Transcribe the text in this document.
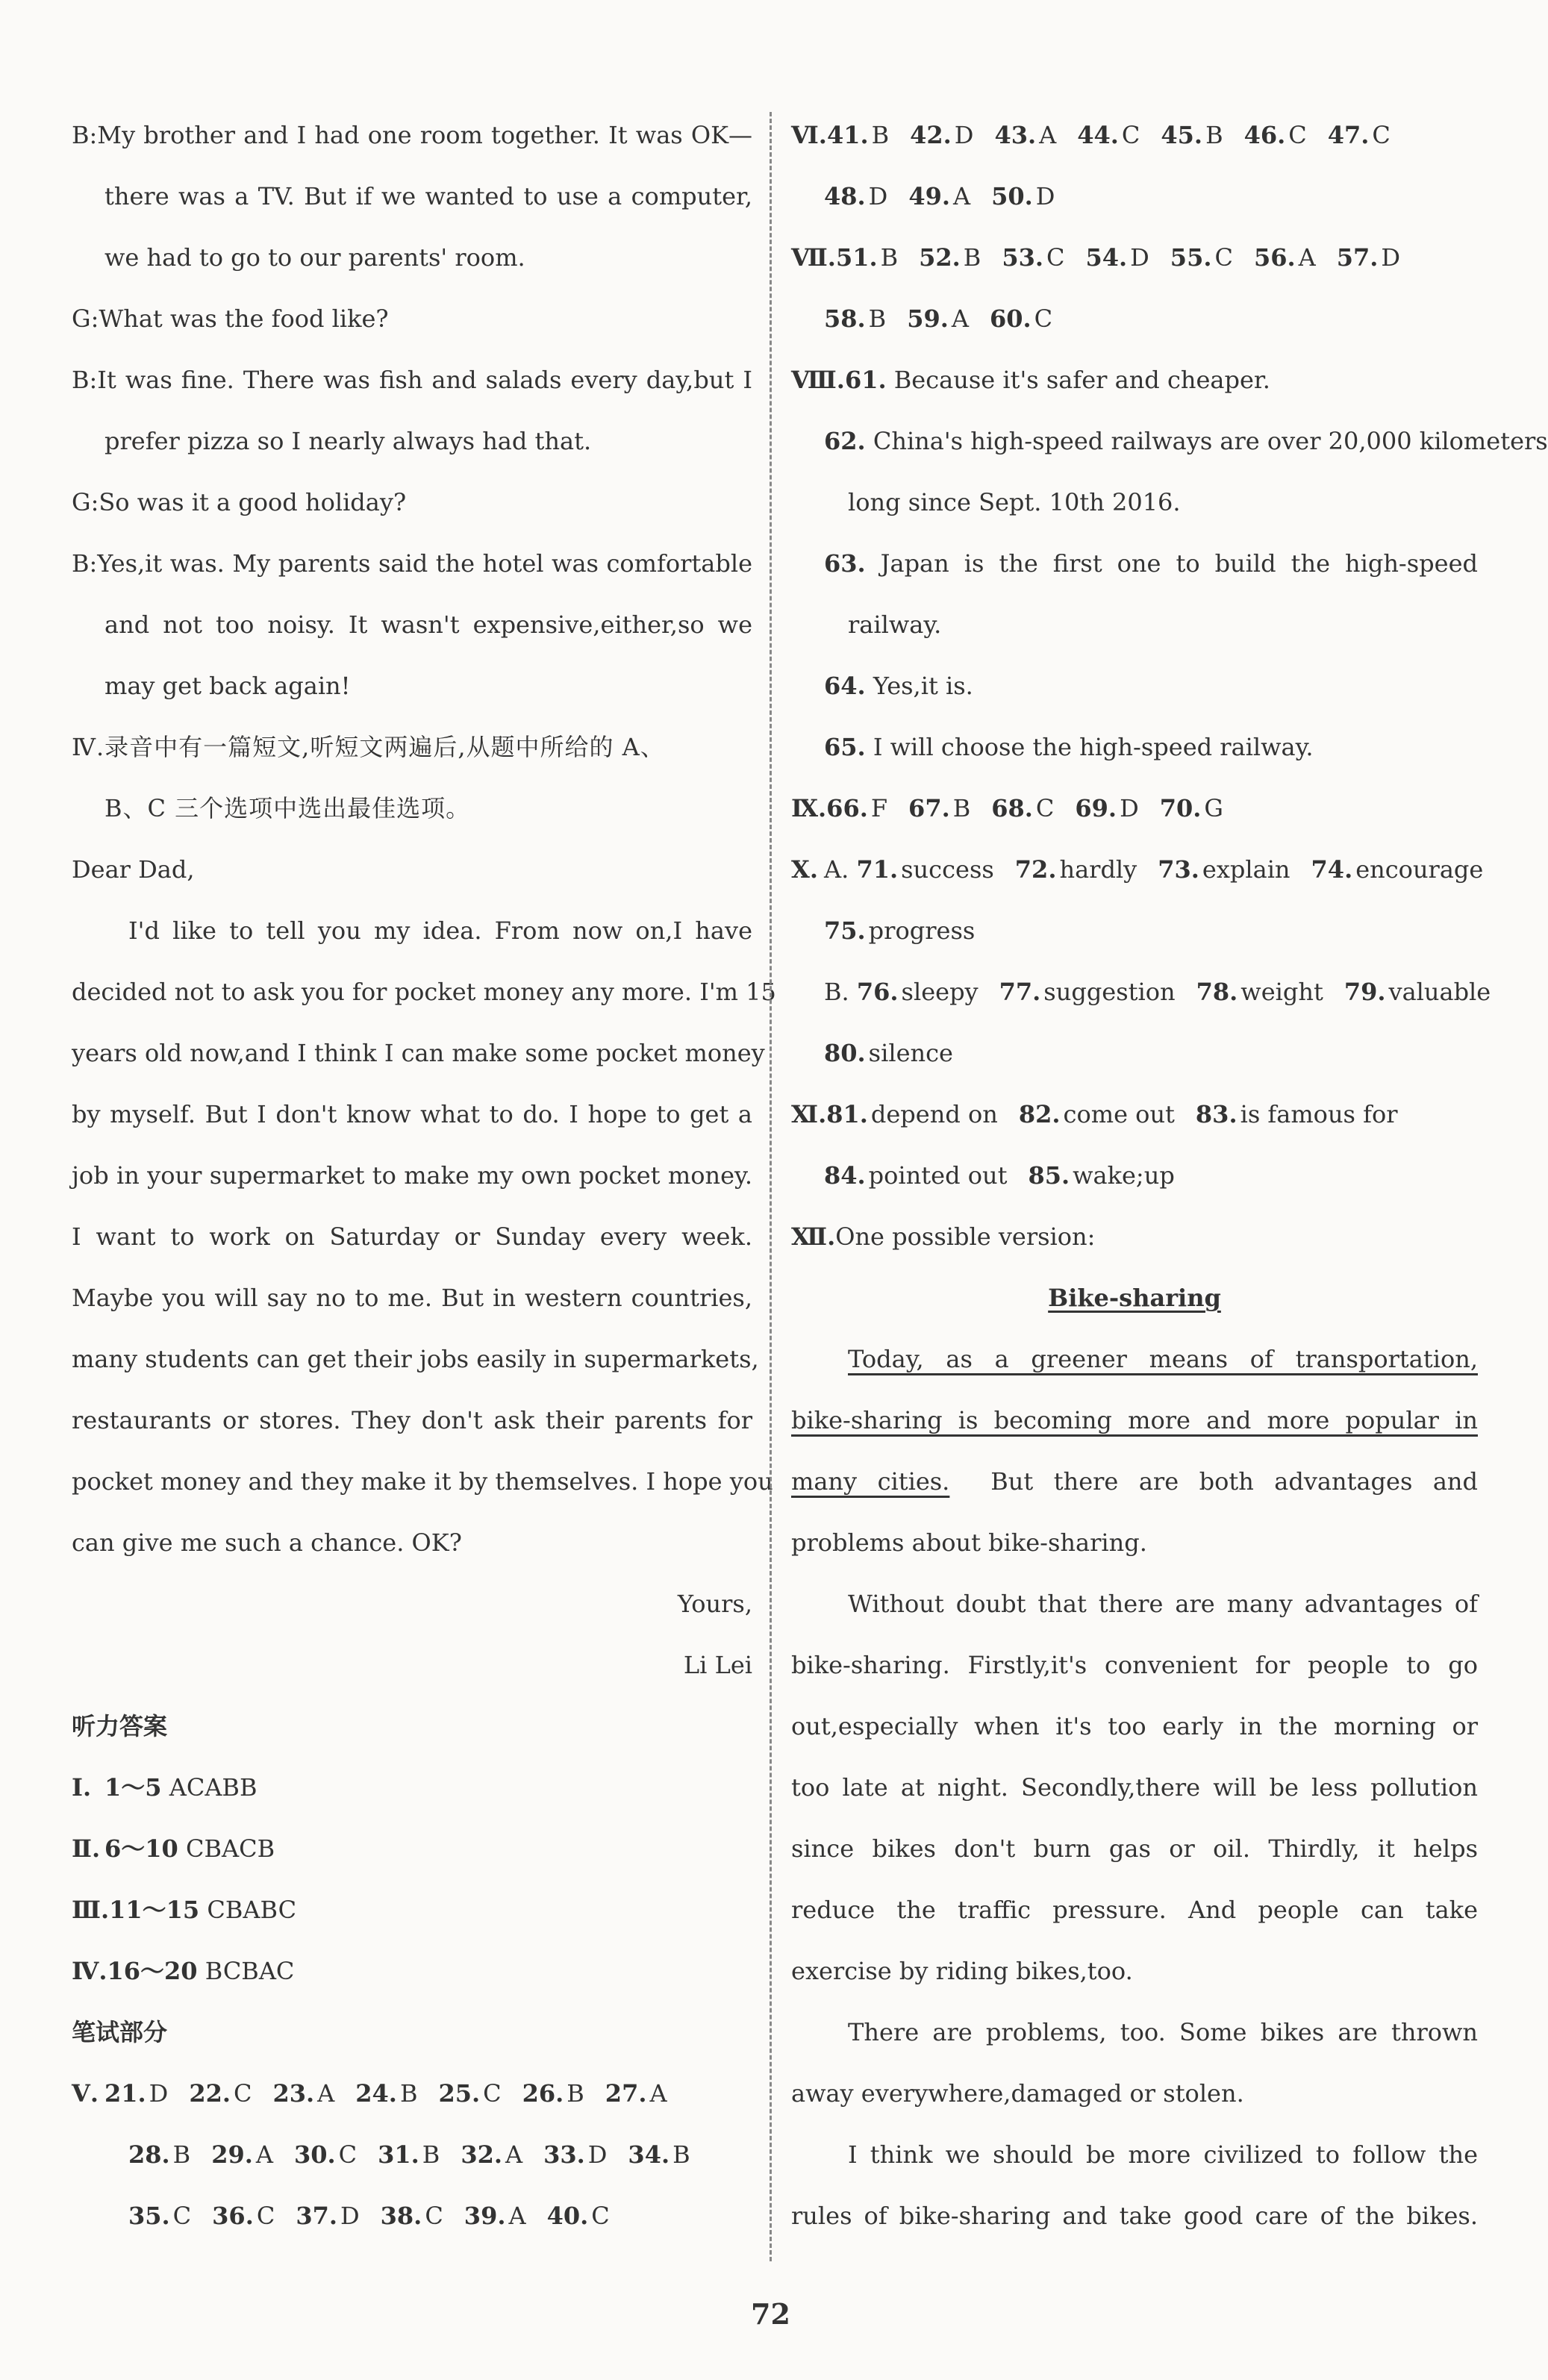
B:My brother and I had one room together. It was OK—
there was a TV. But if we wanted to use a computer,
we had to go to our parents' room.
G:What was the food like?
B:It was fine. There was fish and salads every day,but I
prefer pizza so I nearly always had that.
G:So was it a good holiday?
B:Yes,it was. My parents said the hotel was comfortable
and not too noisy. It wasn't expensive,either,so we
may get back again!
Ⅳ.录音中有一篇短文,听短文两遍后,从题中所给的 A、
B、C 三个选项中选出最佳选项。
Dear Dad,
I'd like to tell you my idea. From now on,I have
decided not to ask you for pocket money any more. I'm 15
years old now,and I think I can make some pocket money
by myself. But I don't know what to do. I hope to get a
job in your supermarket to make my own pocket money.
I want to work on Saturday or Sunday every week.
Maybe you will say no to me. But in western countries,
many students can get their jobs easily in supermarkets,
restaurants or stores. They don't ask their parents for
pocket money and they make it by themselves. I hope you
can give me such a chance. OK?
Yours,
Li Lei
听力答案
Ⅰ. 1～5 ACABB
Ⅱ. 6～10 CBACB
Ⅲ.11～15 CBABC
Ⅳ.16～20 BCBAC
笔试部分
Ⅴ. 21. D 22. C 23. A 24. B 25. C 26. B 27. A
28. B 29. A 30. C 31. B 32. A 33. D 34. B
35. C 36. C 37. D 38. C 39. A 40. C
Ⅵ.41. B 42. D 43. A 44. C 45. B 46. C 47. C
48. D 49. A 50. D
Ⅶ.51. B 52. B 53. C 54. D 55. C 56. A 57. D
58. B 59. A 60. C
Ⅷ.61. Because it's safer and cheaper.
62. China's high-speed railways are over 20,000 kilometers
long since Sept. 10th 2016.
63. Japan is the first one to build the high-speed
railway.
64. Yes,it is.
65. I will choose the high-speed railway.
Ⅸ.66. F 67. B 68. C 69. D 70. G
Ⅹ. A. 71. success 72. hardly 73. explain 74. encourage
75. progress
B. 76. sleepy 77. suggestion 78. weight 79. valuable
80. silence
Ⅺ.81. depend on 82. come out 83. is famous for
84. pointed out 85. wake;up
Ⅻ.One possible version:
Bike-sharing
Today, as a greener means of transportation,
bike-sharing is becoming more and more popular in
many cities. But there are both advantages and
problems about bike-sharing.
Without doubt that there are many advantages of
bike-sharing. Firstly,it's convenient for people to go
out,especially when it's too early in the morning or
too late at night. Secondly,there will be less pollution
since bikes don't burn gas or oil. Thirdly, it helps
reduce the traffic pressure. And people can take
exercise by riding bikes,too.
There are problems, too. Some bikes are thrown
away everywhere,damaged or stolen.
I think we should be more civilized to follow the
rules of bike-sharing and take good care of the bikes.
72
